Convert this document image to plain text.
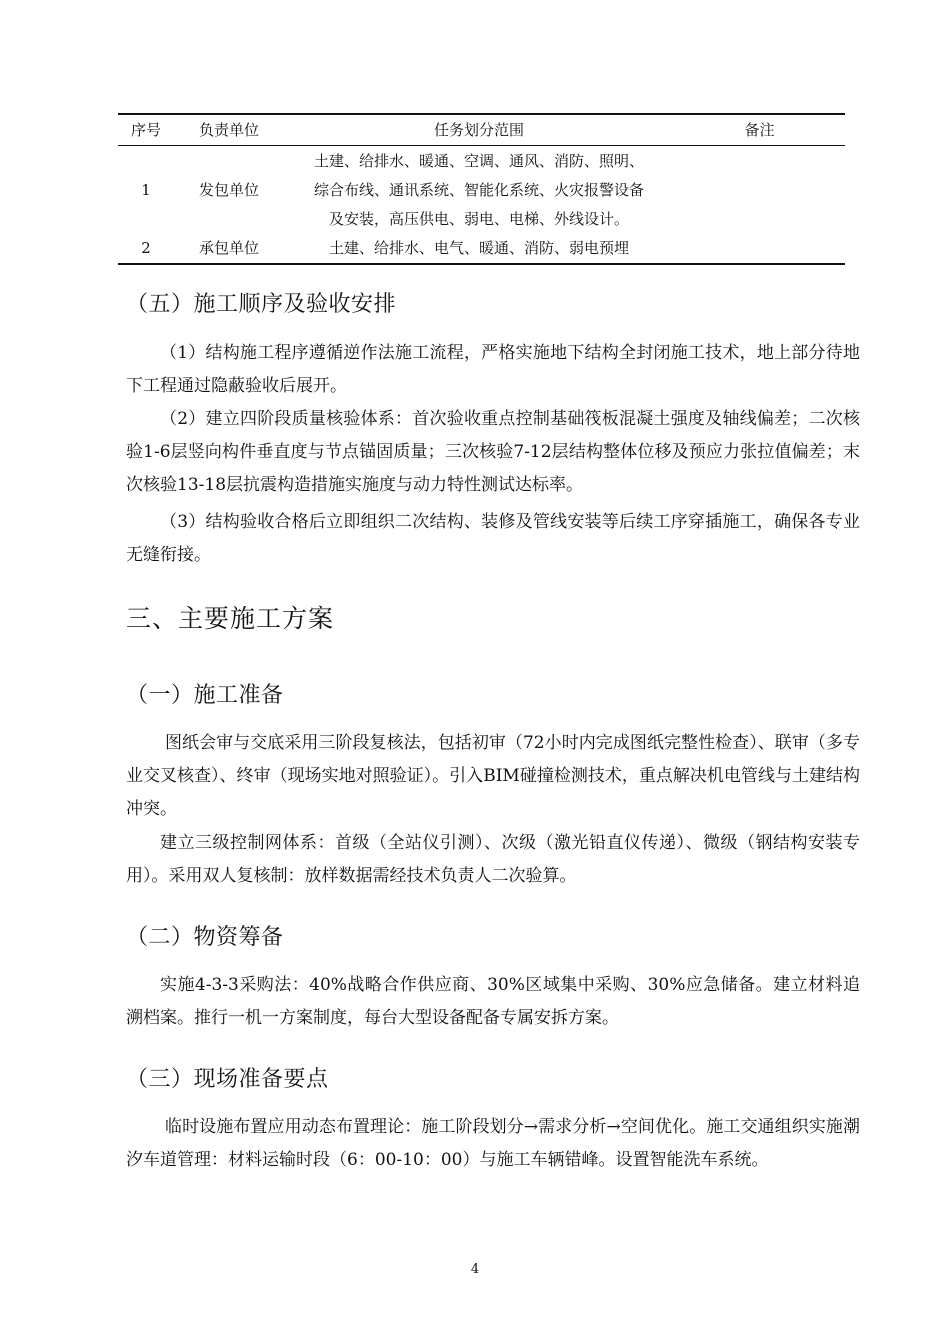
序号	负责单位	任务划分范围	备注
1	发包单位	土建、给排水、暖通、空调、通风、消防、照明、
综合布线、通讯系统、智能化系统、火灾报警设备
及安装，高压供电、弱电、电梯、外线设计。	

2	承包单位	土建、给排水、电气、暖通、消防、弱电预埋	

（五）施工顺序及验收安排

（1）结构施工程序遵循逆作法施工流程，严格实施地下结构全封闭施工技术，地上部分待地下工程通过隐蔽验收后展开。

（2）建立四阶段质量核验体系：首次验收重点控制基础筏板混凝土强度及轴线偏差；二次核验1-6层竖向构件垂直度与节点锚固质量；三次核验7-12层结构整体位移及预应力张拉值偏差；末次核验13-18层抗震构造措施实施度与动力特性测试达标率。

（3）结构验收合格后立即组织二次结构、装修及管线安装等后续工序穿插施工，确保各专业无缝衔接。

三、主要施工方案
（一）施工准备

图纸会审与交底采用三阶段复核法，包括初审（72小时内完成图纸完整性检查）、联审（多专业交叉核查）、终审（现场实地对照验证）。引入BIM碰撞检测技术，重点解决机电管线与土建结构冲突。

建立三级控制网体系：首级（全站仪引测）、次级（激光铅直仪传递）、微级（钢结构安装专用）。采用双人复核制：放样数据需经技术负责人二次验算。

（二）物资筹备

实施4-3-3采购法：40%战略合作供应商、30%区域集中采购、30%应急储备。建立材料追溯档案。推行一机一方案制度，每台大型设备配备专属安拆方案。

（三）现场准备要点

临时设施布置应用动态布置理论：施工阶段划分→需求分析→空间优化。施工交通组织实施潮汐车道管理：材料运输时段（6：00-10：00）与施工车辆错峰。设置智能洗车系统。

4
